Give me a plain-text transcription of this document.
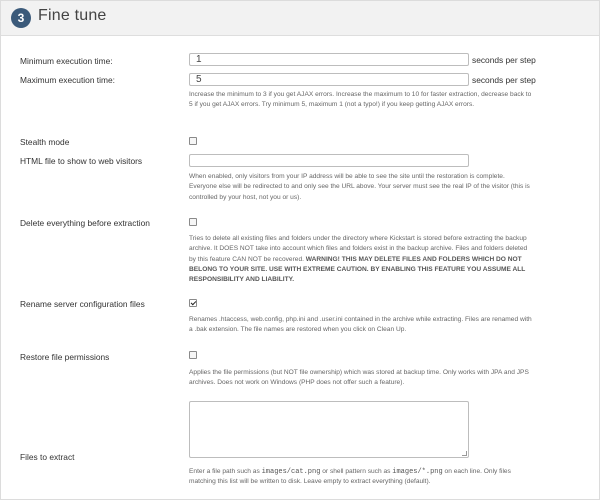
3 Fine tune
Minimum execution time:
1	seconds per step
Maximum execution time:
5	seconds per step
Increase the minimum to 3 if you get AJAX errors. Increase the maximum to 10 for faster extraction, decrease back to 5 if you get AJAX errors. Try minimum 5, maximum 1 (not a typo!) if you keep getting AJAX errors.
Stealth mode
HTML file to show to web visitors
When enabled, only visitors from your IP address will be able to see the site until the restoration is complete. Everyone else will be redirected to and only see the URL above. Your server must see the real IP of the visitor (this is controlled by your host, not you or us).
Delete everything before extraction
Tries to delete all existing files and folders under the directory where Kickstart is stored before extracting the backup archive. It DOES NOT take into account which files and folders exist in the backup archive. Files and folders deleted by this feature CAN NOT be recovered. WARNING! THIS MAY DELETE FILES AND FOLDERS WHICH DO NOT BELONG TO YOUR SITE. USE WITH EXTREME CAUTION. BY ENABLING THIS FEATURE YOU ASSUME ALL RESPONSIBILITY AND LIABILITY.
Rename server configuration files
Renames .htaccess, web.config, php.ini and .user.ini contained in the archive while extracting. Files are renamed with a .bak extension. The file names are restored when you click on Clean Up.
Restore file permissions
Applies the file permissions (but NOT file ownership) which was stored at backup time. Only works with JPA and JPS archives. Does not work on Windows (PHP does not offer such a feature).
Files to extract
Enter a file path such as images/cat.png or shell pattern such as images/*.png on each line. Only files matching this list will be written to disk. Leave empty to extract everything (default).
